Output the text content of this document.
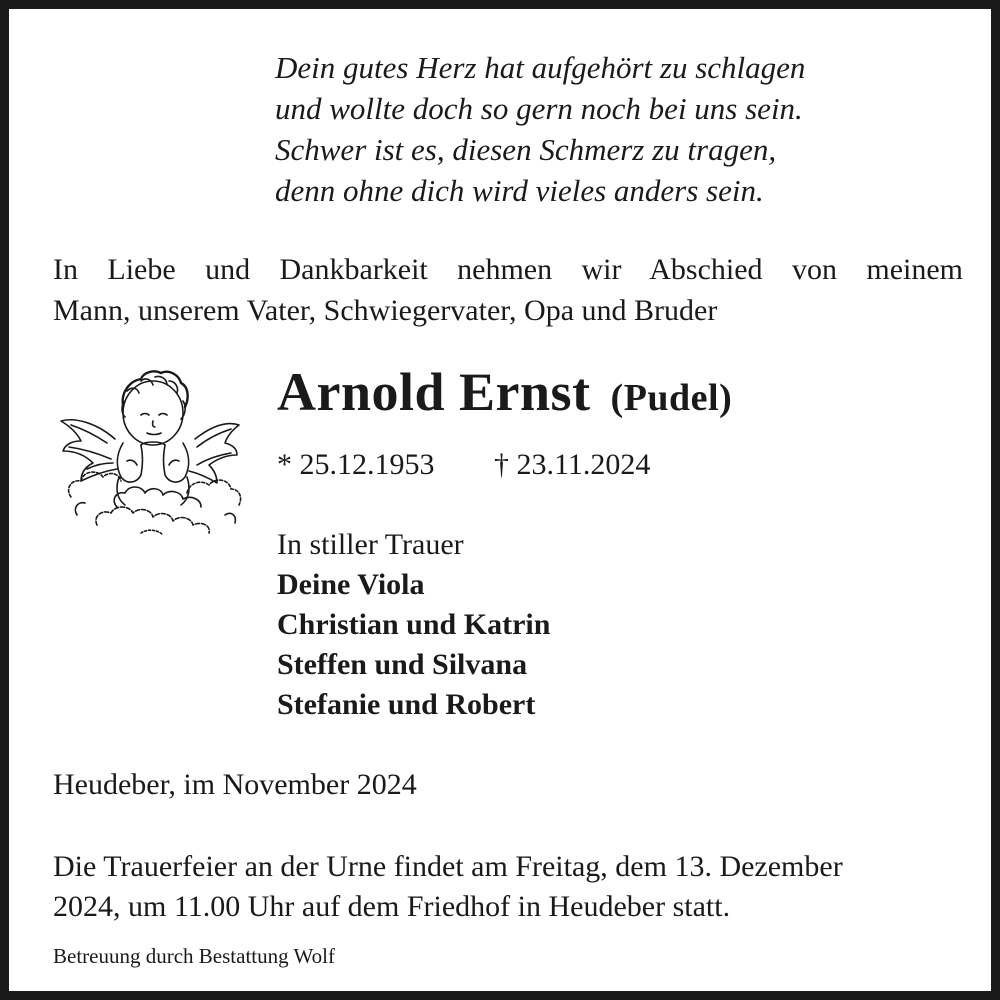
Dein gutes Herz hat aufgehört zu schlagen
und wollte doch so gern noch bei uns sein.
Schwer ist es, diesen Schmerz zu tragen,
denn ohne dich wird vieles anders sein.
In Liebe und Dankbarkeit nehmen wir Abschied von meinem
Mann, unserem Vater, Schwiegervater, Opa und Bruder
Arnold Ernst (Pudel)
* 25.12.1953 † 23.11.2024
In stiller Trauer
Deine Viola
Christian und Katrin
Steffen und Silvana
Stefanie und Robert
Heudeber, im November 2024
Die Trauerfeier an der Urne findet am Freitag, dem 13. Dezember
2024, um 11.00 Uhr auf dem Friedhof in Heudeber statt.
Betreuung durch Bestattung Wolf
